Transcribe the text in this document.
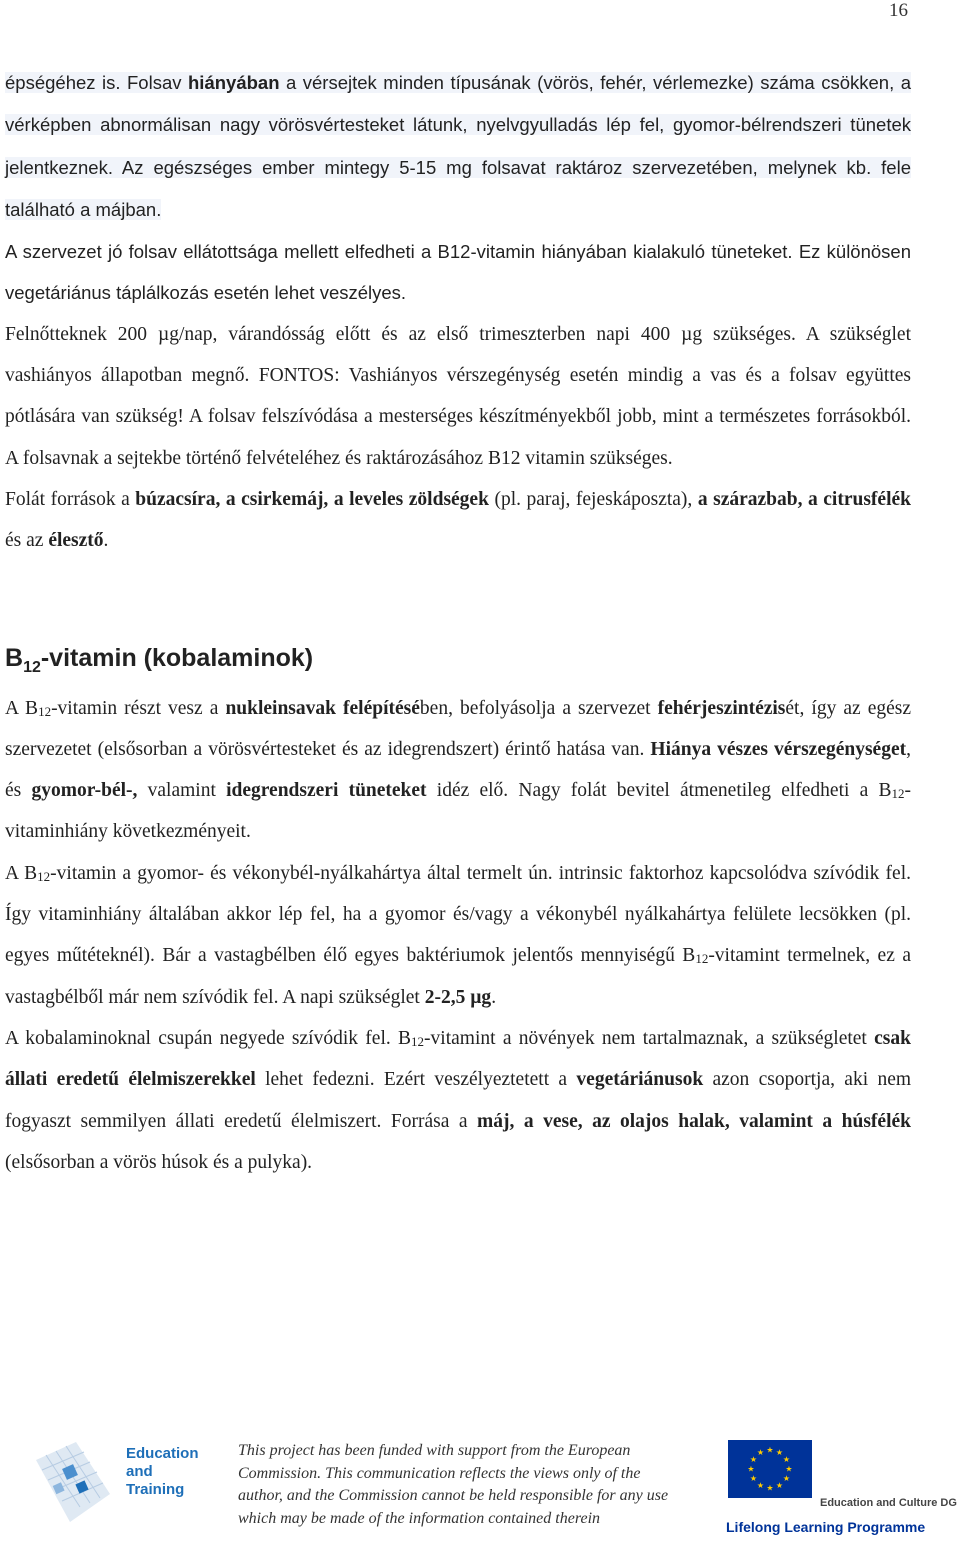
16

épségéhez is. Folsav hiányában a vérsejtek minden típusának (vörös, fehér, vérlemezke) száma csökken, a vérképben abnormálisan nagy vörösvértesteket látunk, nyelvgyulladás lép fel, gyomor-bélrendszeri tünetek jelentkeznek. Az egészséges ember mintegy 5-15 mg folsavat raktároz szervezetében, melynek kb. fele található a májban.

A szervezet jó folsav ellátottsága mellett elfedheti a B12-vitamin hiányában kialakuló tüneteket. Ez különösen vegetáriánus táplálkozás esetén lehet veszélyes.

Felnőtteknek 200 µg/nap, várandósság előtt és az első trimeszterben napi 400 µg szükséges. A szükséglet vashiányos állapotban megnő. FONTOS: Vashiányos vérszegénység esetén mindig a vas és a folsav együttes pótlására van szükség! A folsav felszívódása a mesterséges készítményekből jobb, mint a természetes forrásokból. A folsavnak a sejtekbe történő felvételéhez és raktározásához B12 vitamin szükséges.

Folát források a búzacsíra, a csirkemáj, a leveles zöldségek (pl. paraj, fejeskáposzta), a szárazbab, a citrusfélék és az élesztő.

$B_{12}$-vitamin (kobalaminok)

A $B_{12}$-vitamin részt vesz a nukleinsavak felépítésében, befolyásolja a szervezet fehérjeszintézisét, így az egész szervezetet (elsősorban a vörösvértesteket és az idegrendszert) érintő hatása van. Hiánya vészes vérszegénységet, és gyomor-bél-, valamint idegrendszeri tüneteket idéz elő. Nagy folát bevitel átmenetileg elfedheti a $B_{12}$-vitaminhiány következményeit.

A $B_{12}$-vitamin a gyomor- és vékonybél-nyálkahártya által termelt ún. intrinsic faktorhoz kapcsolódva szívódik fel. Így vitaminhiány általában akkor lép fel, ha a gyomor és/vagy a vékonybél nyálkahártya felülete lecsökken (pl. egyes műtéteknél). Bár a vastagbélben élő egyes baktériumok jelentős mennyiségű $B_{12}$-vitamint termelnek, ez a vastagbélből már nem szívódik fel. A napi szükséglet 2-2,5 µg.

A kobalaminoknal csupán negyede szívódik fel. $B_{12}$-vitamint a növények nem tartalmaznak, a szükségletet csak állati eredetű élelmiszerekkel lehet fedezni. Ezért veszélyeztetett a vegetáriánusok azon csoportja, aki nem fogyaszt semmilyen állati eredetű élelmiszert. Forrása a máj, a vese, az olajos halak, valamint a húsfélék (elsősorban a vörös húsok és a pulyka).

Education
and
Training
This project has been funded with support from the European Commission. This communication reflects the views only of the author, and the Commission cannot be held responsible for any use which may be made of the information contained therein
★ ★
★
★
★
★
★
★
★
★
★
★
Education and Culture DG
Lifelong Learning Programme
